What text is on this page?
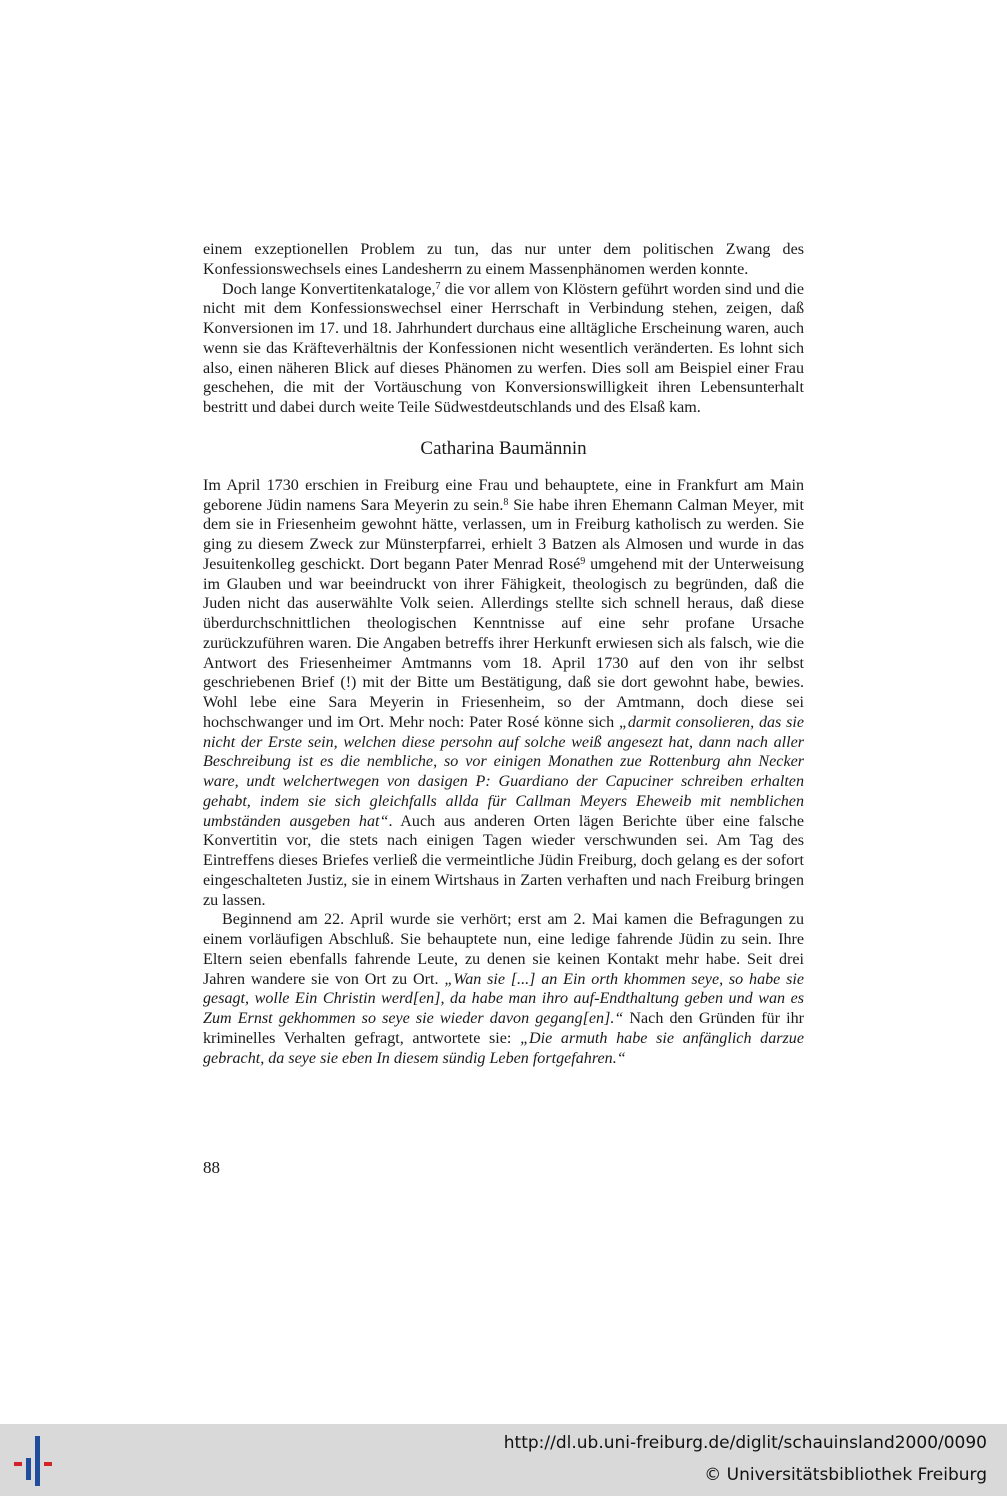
einem exzeptionellen Problem zu tun, das nur unter dem politischen Zwang des Konfessionswechsels eines Landesherrn zu einem Massenphänomen werden konnte.

Doch lange Konvertitenkataloge,$^7$ die vor allem von Klöstern geführt worden sind und die nicht mit dem Konfessionswechsel einer Herrschaft in Verbindung stehen, zeigen, daß Konversionen im 17. und 18. Jahrhundert durchaus eine alltägliche Erscheinung waren, auch wenn sie das Kräfteverhältnis der Konfessionen nicht wesentlich veränderten. Es lohnt sich also, einen näheren Blick auf dieses Phänomen zu werfen. Dies soll am Beispiel einer Frau geschehen, die mit der Vortäuschung von Konversionswilligkeit ihren Lebensunterhalt bestritt und dabei durch weite Teile Südwestdeutschlands und des Elsaß kam.

Catharina Baumännin

Im April 1730 erschien in Freiburg eine Frau und behauptete, eine in Frankfurt am Main geborene Jüdin namens Sara Meyerin zu sein.$^8$ Sie habe ihren Ehemann Calman Meyer, mit dem sie in Friesenheim gewohnt hätte, verlassen, um in Freiburg katholisch zu werden. Sie ging zu diesem Zweck zur Münsterpfarrei, erhielt 3 Batzen als Almosen und wurde in das Jesuitenkolleg geschickt. Dort begann Pater Menrad Rosé$^9$ umgehend mit der Unterweisung im Glauben und war beeindruckt von ihrer Fähigkeit, theologisch zu begründen, daß die Juden nicht das auserwählte Volk seien. Allerdings stellte sich schnell heraus, daß diese überdurchschnittlichen theologischen Kenntnisse auf eine sehr profane Ursache zurückzuführen waren. Die Angaben betreffs ihrer Herkunft erwiesen sich als falsch, wie die Antwort des Friesenheimer Amtmanns vom 18. April 1730 auf den von ihr selbst geschriebenen Brief (!) mit der Bitte um Bestätigung, daß sie dort gewohnt habe, bewies. Wohl lebe eine Sara Meyerin in Friesenheim, so der Amtmann, doch diese sei hochschwanger und im Ort. Mehr noch: Pater Rosé könne sich „darmit consolieren, das sie nicht der Erste sein, welchen diese persohn auf solche weiß angesezt hat, dann nach aller Beschreibung ist es die nembliche, so vor einigen Monathen zue Rottenburg ahn Necker ware, undt welchertwegen von dasigen P: Guardiano der Capuciner schreiben erhalten gehabt, indem sie sich gleichfalls allda für Callman Meyers Eheweib mit nemblichen umbständen ausgeben hat“. Auch aus anderen Orten lägen Berichte über eine falsche Konvertitin vor, die stets nach einigen Tagen wieder verschwunden sei. Am Tag des Eintreffens dieses Briefes verließ die vermeintliche Jüdin Freiburg, doch gelang es der sofort eingeschalteten Justiz, sie in einem Wirtshaus in Zarten verhaften und nach Freiburg bringen zu lassen.

Beginnend am 22. April wurde sie verhört; erst am 2. Mai kamen die Befragungen zu einem vorläufigen Abschluß. Sie behauptete nun, eine ledige fahrende Jüdin zu sein. Ihre Eltern seien ebenfalls fahrende Leute, zu denen sie keinen Kontakt mehr habe. Seit drei Jahren wandere sie von Ort zu Ort. „Wan sie [...] an Ein orth khommen seye, so habe sie gesagt, wolle Ein Christin werd[en], da habe man ihro auf-Endthaltung geben und wan es Zum Ernst gekhommen so seye sie wieder davon gegang[en].“ Nach den Gründen für ihr kriminelles Verhalten gefragt, antwortete sie: „Die armuth habe sie anfänglich darzue gebracht, da seye sie eben In diesem sündig Leben fortgefahren.“

88
http://dl.ub.uni-freiburg.de/diglit/schauinsland2000/0090
© Universitätsbibliothek Freiburg
